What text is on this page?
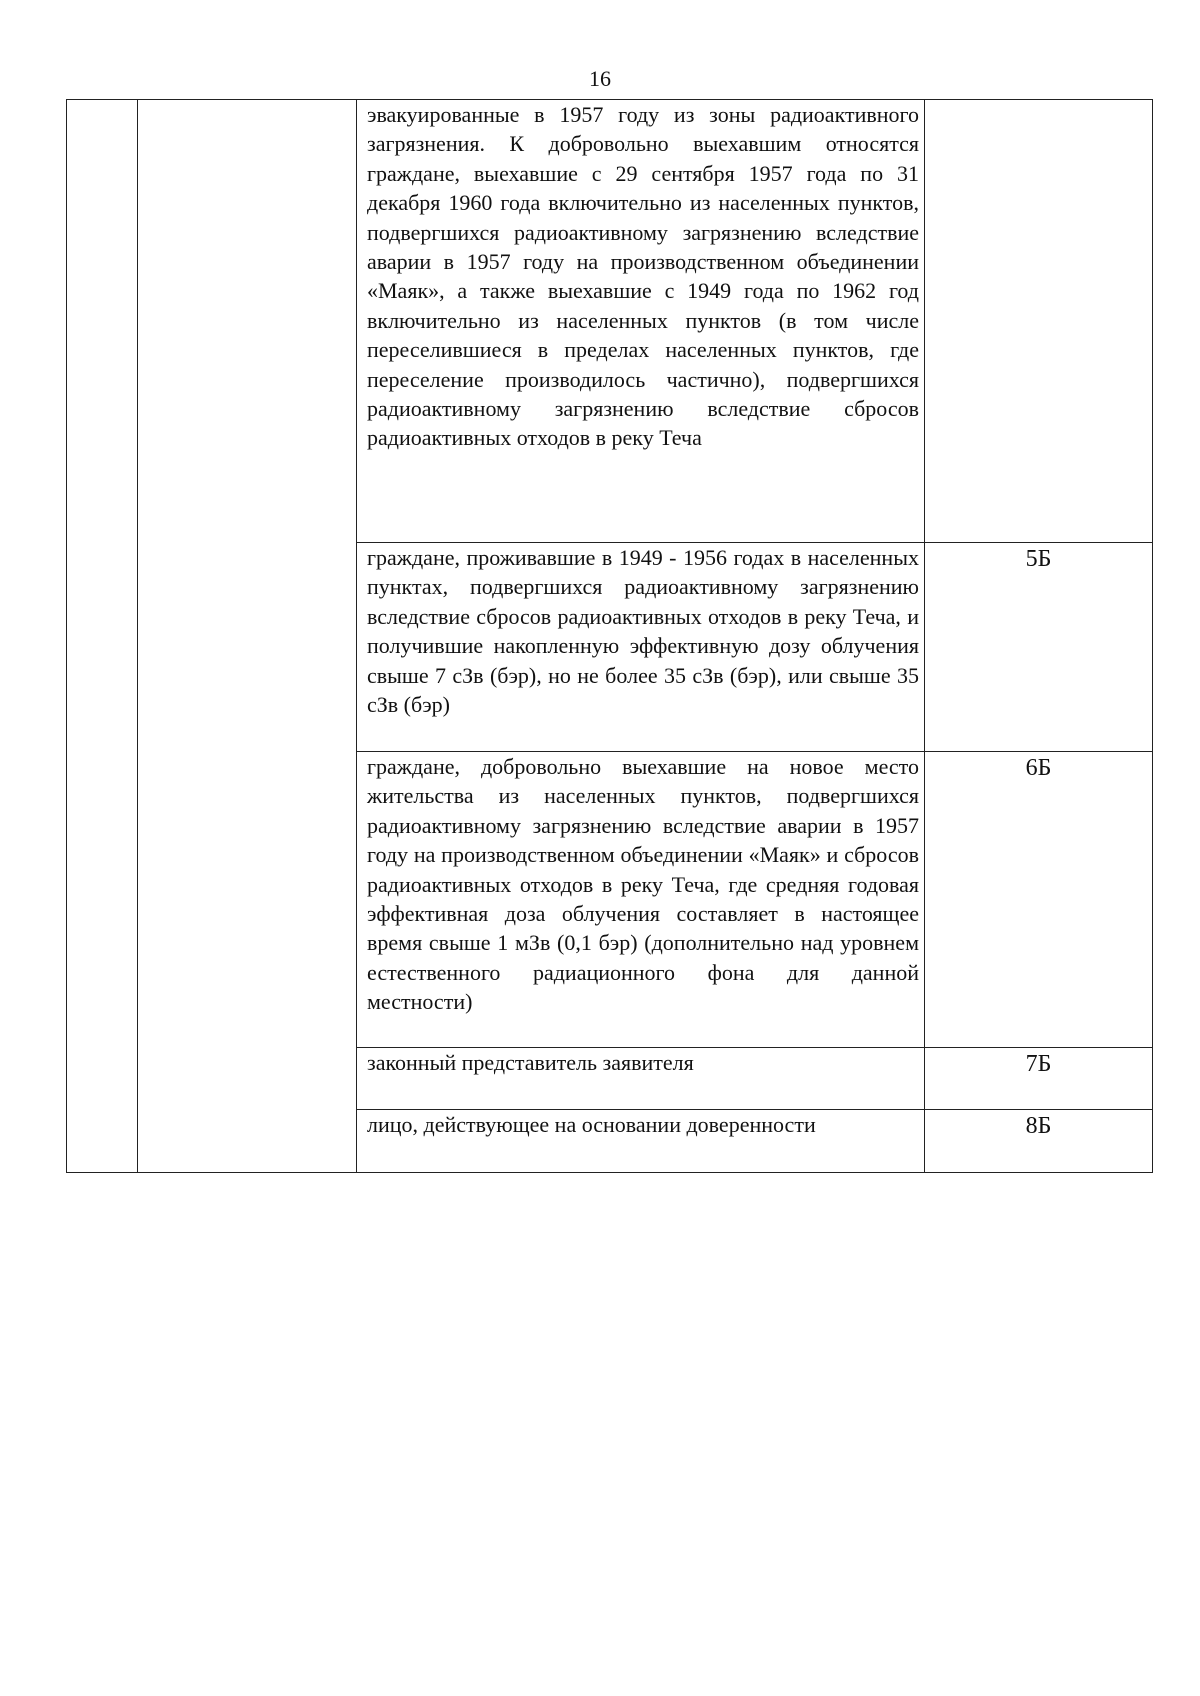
16
эвакуированные в 1957 году из зоны радиоактивного загрязнения. К добровольно выехавшим относятся граждане, выехавшие с 29 сентября 1957 года по 31 декабря 1960 года включительно из населенных пунктов, подвергшихся радиоактивному загрязнению вследствие аварии в 1957 году на производственном объединении «Маяк», а также выехавшие с 1949 года по 1962 год включительно из населенных пунктов (в том числе переселившиеся в пределах населенных пунктов, где переселение производилось частично), подвергшихся радиоактивному загрязнению вследствие сбросов радиоактивных отходов в реку Теча
граждане, проживавшие в 1949 - 1956 годах в населенных пунктах, подвергшихся радиоактивному загрязнению вследствие сбросов радиоактивных отходов в реку Теча, и получившие накопленную эффективную дозу облучения свыше 7 сЗв (бэр), но не более 35 сЗв (бэр), или свыше 35 сЗв (бэр)
5Б
граждане, добровольно выехавшие на новое место жительства из населенных пунктов, подвергшихся радиоактивному загрязнению вследствие аварии в 1957 году на производственном объединении «Маяк» и сбросов радиоактивных отходов в реку Теча, где средняя годовая эффективная доза облучения составляет в настоящее время свыше 1 мЗв (0,1 бэр) (дополнительно над уровнем естественного радиационного фона для данной местности)
6Б
законный представитель заявителя	7Б
лицо, действующее на основании доверенности	8Б
